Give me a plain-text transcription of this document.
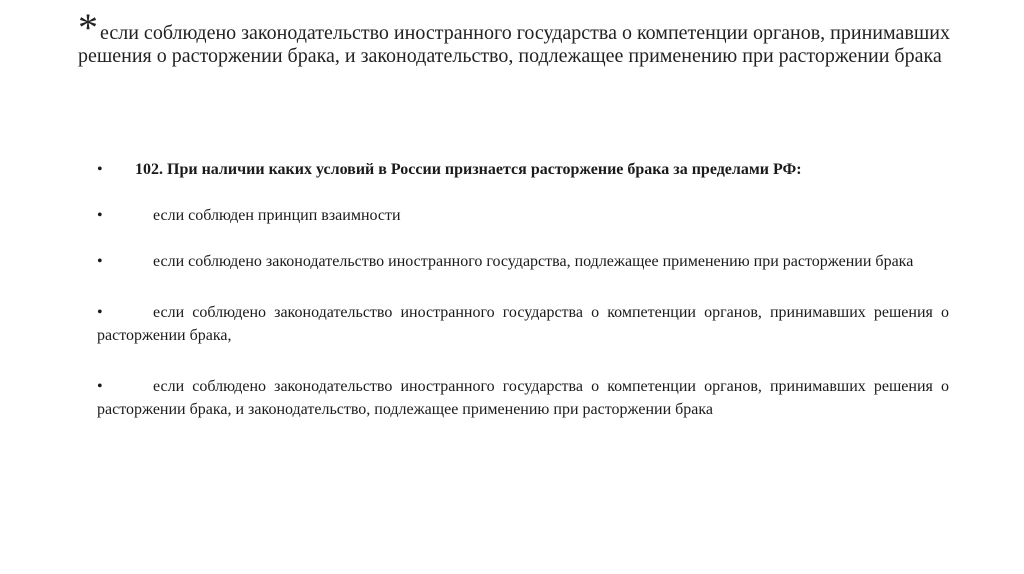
* если соблюдено законодательство иностранного государства о компетенции органов, принимавших решения о расторжении брака, и законодательство, подлежащее применению при расторжении брака

• 102. При наличии каких условий в России признается расторжение брака за пределами РФ:

•	если соблюден принцип взаимности

•	если соблюдено законодательство иностранного государства, подлежащее применению при расторжении брака

•	если соблюдено законодательство иностранного государства о компетенции органов, принимавших решения о расторжении брака,

•	если соблюдено законодательство иностранного государства о компетенции органов, принимавших решения о расторжении брака, и законодательство, подлежащее применению при расторжении брака
